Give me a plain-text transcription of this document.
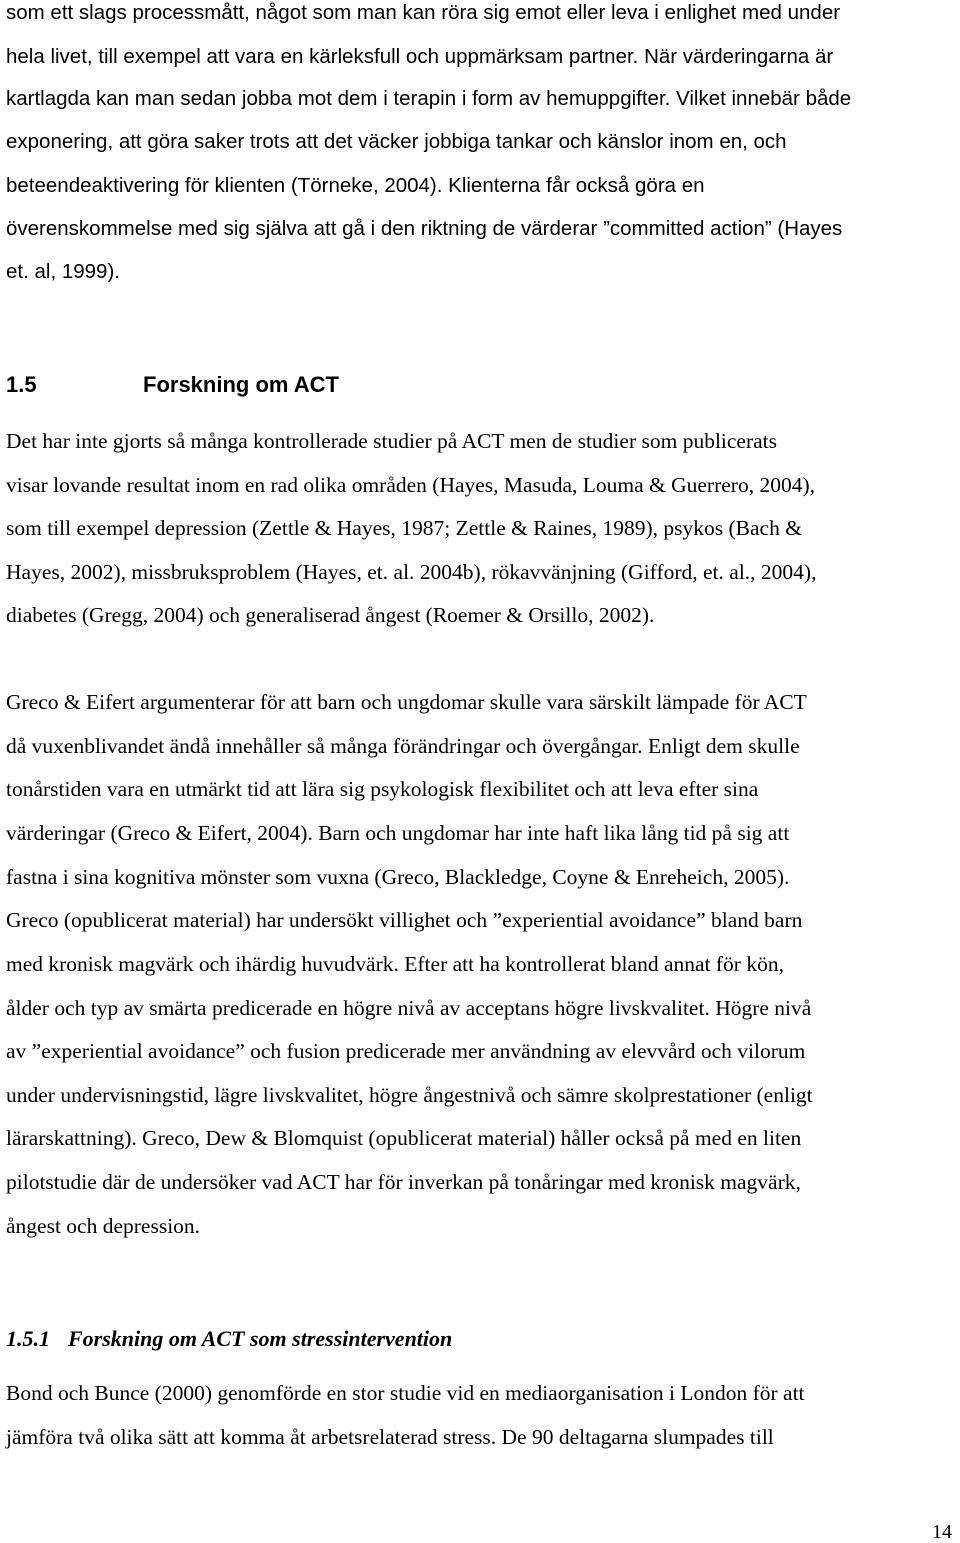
som ett slags processmått, något som man kan röra sig emot eller leva i enlighet med under
hela livet, till exempel att vara en kärleksfull och uppmärksam partner. När värderingarna är
kartlagda kan man sedan jobba mot dem i terapin i form av hemuppgifter. Vilket innebär både
exponering, att göra saker trots att det väcker jobbiga tankar och känslor inom en, och
beteendeaktivering för klienten (Törneke, 2004). Klienterna får också göra en
överenskommelse med sig själva att gå i den riktning de värderar ”committed action” (Hayes
et. al, 1999).
1.5	Forskning om ACT
Det har inte gjorts så många kontrollerade studier på ACT men de studier som publicerats
visar lovande resultat inom en rad olika områden (Hayes, Masuda, Louma & Guerrero, 2004),
som till exempel depression (Zettle & Hayes, 1987; Zettle & Raines, 1989), psykos (Bach &
Hayes, 2002), missbruksproblem (Hayes, et. al. 2004b), rökavvänjning (Gifford, et. al., 2004),
diabetes (Gregg, 2004) och generaliserad ångest (Roemer & Orsillo, 2002).
Greco & Eifert argumenterar för att barn och ungdomar skulle vara särskilt lämpade för ACT
då vuxenblivandet ändå innehåller så många förändringar och övergångar. Enligt dem skulle
tonårstiden vara en utmärkt tid att lära sig psykologisk flexibilitet och att leva efter sina
värderingar (Greco & Eifert, 2004). Barn och ungdomar har inte haft lika lång tid på sig att
fastna i sina kognitiva mönster som vuxna (Greco, Blackledge, Coyne & Enreheich, 2005).
Greco (opublicerat material) har undersökt villighet och ”experiential avoidance” bland barn
med kronisk magvärk och ihärdig huvudvärk. Efter att ha kontrollerat bland annat för kön,
ålder och typ av smärta predicerade en högre nivå av acceptans högre livskvalitet. Högre nivå
av ”experiential avoidance” och fusion predicerade mer användning av elevvård och vilorum
under undervisningstid, lägre livskvalitet, högre ångestnivå och sämre skolprestationer (enligt
lärarskattning). Greco, Dew & Blomquist (opublicerat material) håller också på med en liten
pilotstudie där de undersöker vad ACT har för inverkan på tonåringar med kronisk magvärk,
ångest och depression.
1.5.1 Forskning om ACT som stressintervention
Bond och Bunce (2000) genomförde en stor studie vid en mediaorganisation i London för att
jämföra två olika sätt att komma åt arbetsrelaterad stress. De 90 deltagarna slumpades till
14
